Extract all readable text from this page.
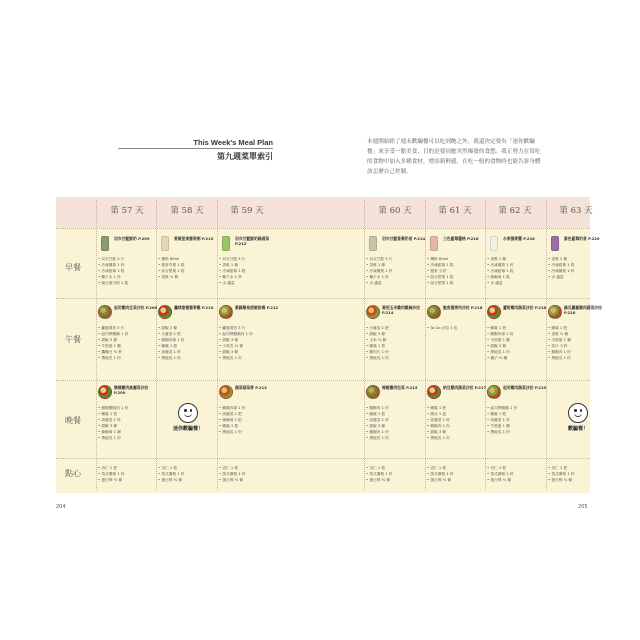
This Week's Meal Plan
第九週菜單索引
本週開始除了週末歡騙餐可以吃到飽之外，我還決定要有「迷你歡騙餐」來享受一點美食，目的是要因應突然爆發的食慾。我正努力在常吃的食物中加入多種食材，增添新鮮感，在吃一般的食物時也能告訴身體該怎麼自己控制。
早餐
午餐
晚餐
點心
第 57 天
羽衣甘藍鮮奶 P.209
• 羽衣甘藍 5 片
• 冷凍鳳梨 1 杯
• 冷凍藍莓 1 匙
• 椰子水 1 杯
• 豌豆蛋白粉 1 匙
起司雞肉豆菜沙拉 P.206
• 蘿蔓萵苣 5 片
• 起司烤雞胸 1 份
• 甜椒 3 條
• 牛熟蛋 1 顆
• 鷹嘴豆 ⅓ 杯
• 黑地瓜 1 份
燉燒雞肉高麗菜沙拉 P.209
• 燉燒雞胸肉 1 份
• 嫩葉 1 把
• 高麗菜 1 杯
• 甜椒 3 條
• 綠葡萄 1 顆
• 黑地瓜 1 份
• 杏仁 1 把
• 蒸式優格 1 杯
• 蛋白棒 ⅓ 條
第 58 天
香蕉堅果藜麥粥 P.210
• 優格 80ml
• 藜麥早餐 1 匙
• 綜合堅果 1 匙
• 香蕉 ⅓ 條
鷹球甜椒藜麥雞 P.210
• 甜椒 2 條
• 小番茄 1 把
• 雞胸肉球 1 份
• 嫩葉 1 把
• 高麗菜 1 杯
• 黑地瓜 1 份
迷你歡騙餐！
• 杏仁 1 把
• 蒸式優格 1 杯
• 蛋白棒 ⅓ 條
第 59 天
羽衣甘藍鮮奶綠蔬菜 P.212
• 羽衣甘藍 5 片
• 香蕉 1 條
• 冷凍藍莓 1 匙
• 椰子水 1 杯
• 水 適量
紫蘇雞泉甜椒排餐 P.212
• 蘿蔓萵苣 5 片
• 起司烤雞胸肉 1 份
• 甜椒 3 條
• 小黃瓜 ⅓ 條
• 甜椒 3 條
• 黑地瓜 1 份
蔬菜蒜菜麥 P.213
• 雞胸肉球 1 份
• 高麗菜 1 把
• 綠葡萄 1 把
• 嫩葉 1 把
• 黑地瓜 1 份
• 杏仁 1 把
• 蒸式優格 1 杯
• 蛋白棒 ⅓ 條
第 60 天
羽衣甘藍香蕉奶昔 P.214
• 羽衣甘藍 5 片
• 香蕉 1 條
• 冷凍鳳梨 1 杯
• 椰子水 1 杯
• 水 適量
番茄玉米雞肉雞胸沙拉 P.214
• 小番茄 1 把
• 甜椒 3 條
• 玉米 ⅓ 條
• 嫩葉 1 把
• 雞肉片 1 份
• 黑地瓜 1 份
辣椒雞肉包菜 P.215
• 雞胸肉 1 份
• 嫩葉 1 把
• 高麗菜 1 杯
• 甜椒 3 條
• 雞胸肉 1 份
• 黑地瓜 1 份
• 杏仁 1 把
• 蒸式優格 1 杯
• 蛋白棒 ⅓ 條
第 61 天
三色藍莓優格 P.216
• 優格 80ml
• 冷凍藍莓 1 匙
• 藜麥 少許
• 綜合堅果 1 匙
• 綜合堅果 1 匙
鮭魚藜麥肉沙拉 P.216
• To Go 沙拉 1 包
納豆雞肉蔬菜沙拉 P.217
• 嫩葉 1 把
• 納豆 1 盒
• 高麗菜 1 杯
• 雞胸肉 1 份
• 甜椒 3 條
• 黑地瓜 1 份
• 杏仁 1 把
• 蒸式優格 1 杯
• 蛋白棒 ⅓ 條
第 62 天
水果藜麥露 P.218
• 香蕉 1 條
• 冷凍鳳梨 1 杯
• 冷凍藍莓 1 匙
• 綠葡萄 1 匙
• 水 適量
蘆筍雞肉蔬菜沙拉 P.218
• 嫩葉 1 把
• 雞胸肉球 1 份
• 半熟蛋 1 顆
• 甜椒 3 條
• 黑地瓜 1 份
• 橘子 ⅓ 顆
起司雞肉蔬菜沙拉 P.219
• 起司烤雞胸 1 份
• 嫩葉 1 把
• 高麗菜 1 杯
• 牛熟蛋 1 顆
• 黑地瓜 1 份
• 杏仁 1 把
• 蒸式優格 1 杯
• 蛋白棒 ⅓ 條
第 63 天
紫色藍莓奶昔 P.220
• 香蕉 1 條
• 冷凍藍莓 1 匙
• 冷凍鳳梨 1 杯
• 水 適量
綠瓜蘿蔓雞肉蔬菜沙拉 P.220
• 嫩葉 1 把
• 香蕉 ⅓ 條
• 半熟蛋 1 顆
• 蒜片 少許
• 雞胸肉 1 份
• 黑地瓜 1 份
歡騙餐！
• 杏仁 1 把
• 蒸式優格 1 杯
• 蛋白棒 ⅓ 條
204	205
